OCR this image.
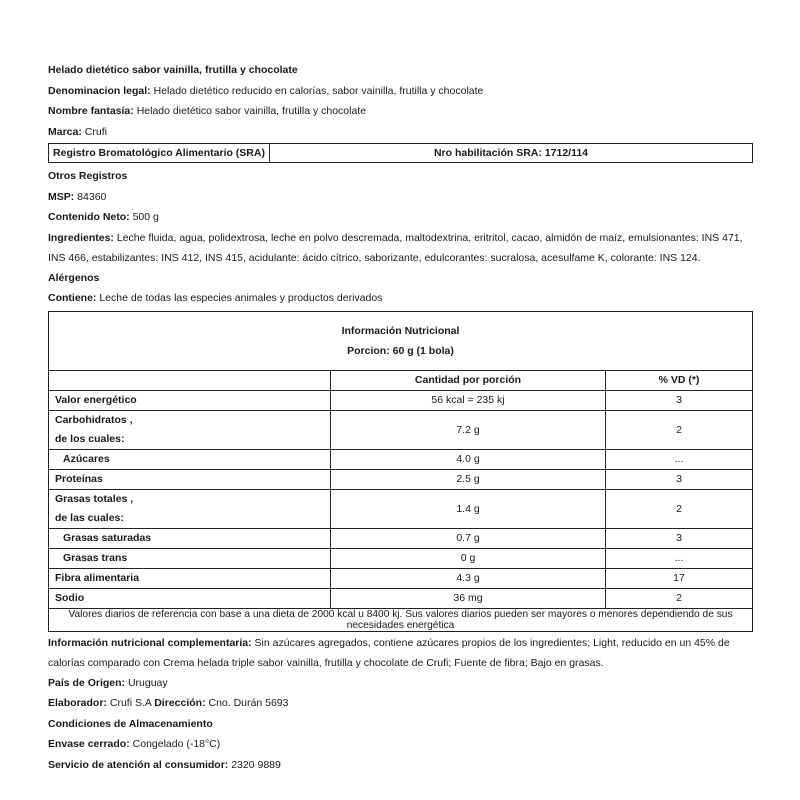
Helado dietético sabor vainilla, frutilla y chocolate
Denominacion legal: Helado dietético reducido en calorías, sabor vainilla, frutilla y chocolate
Nombre fantasía: Helado dietético sabor vainilla, frutilla y chocolate
Marca: Crufi
Registro Bromatológico Alimentario (SRA)	Nro habilitación SRA: 1712/114
Otros Registros
MSP: 84360
Contenido Neto: 500 g
Ingredientes: Leche fluida, agua, polidextrosa, leche en polvo descremada, maltodextrina, eritritol, cacao, almidón de maíz, emulsionantes: INS 471, INS 466, estabilizantes: INS 412, INS 415, acidulante: ácido cítrico, saborizante, edulcorantes: sucralosa, acesulfame K, colorante: INS 124.
Alérgenos
Contiene: Leche de todas las especies animales y productos derivados
Información Nutricional
Porcion: 60 g (1 bola)		

	Cantidad por porción	% VD (*)
Valor energético	56 kcal = 235 kj	3

Carbohidratos ,
de los cuales:	7.2 g	2
Azúcares	4.0 g	...
Proteínas	2.5 g	3

Grasas totales ,
de las cuales:	1.4 g	2
Grasas saturadas	0.7 g	3
Grasas trans	0 g	...
Fibra alimentaria	4.3 g	17
Sodio	36 mg	2
Valores diarios de referencia con base a una dieta de 2000 kcal u 8400 kj. Sus valores diarios pueden ser mayores o menores dependiendo de sus necesidades energética		
Información nutricional complementaria: Sin azúcares agregados, contiene azúcares propios de los ingredientes; Light, reducido en un 45% de calorías comparado con Crema helada triple sabor vainilla, frutilla y chocolate de Crufi; Fuente de fibra; Bajo en grasas.
País de Origen: Uruguay
Elaborador: Crufi S.A Dirección: Cno. Durán 5693
Condiciones de Almacenamiento
Envase cerrado: Congelado (-18°C)
Servicio de atención al consumidor: 2320 9889
